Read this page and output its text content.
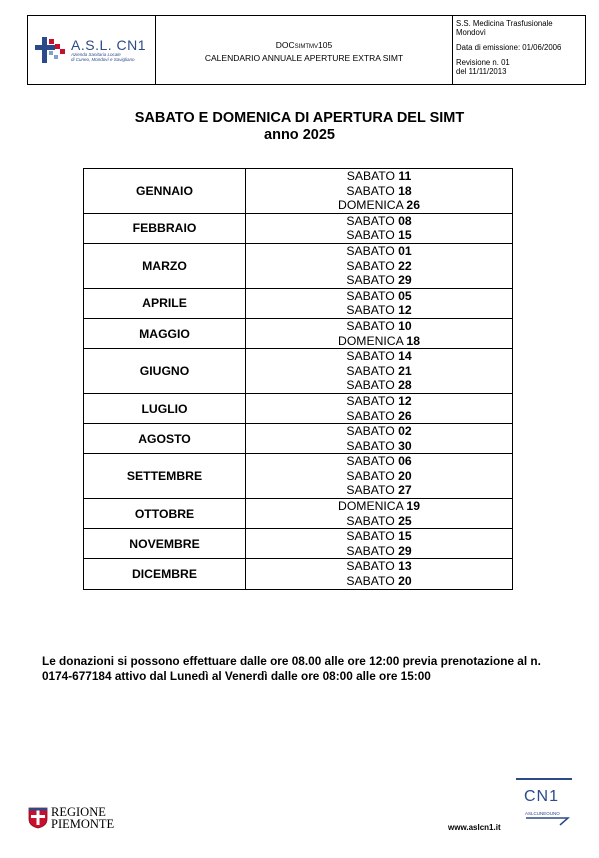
A.S.L. CN1
Azienda Sanitaria Locale
di Cuneo, Mondovì e Savigliano
DOCSIMTMV105
CALENDARIO ANNUALE APERTURE EXTRA SIMT
S.S. Medicina Trasfusionale
Mondovì
Data di emissione: 01/06/2006
Revisione n. 01
del 11/11/2013
SABATO E DOMENICA DI APERTURA DEL SIMT
anno 2025
GENNAIO	SABATO 11
SABATO 18
DOMENICA 26

FEBBRAIO	SABATO 08
SABATO 15

MARZO	SABATO 01
SABATO 22
SABATO 29

APRILE	SABATO 05
SABATO 12

MAGGIO	SABATO 10
DOMENICA 18

GIUGNO	SABATO 14
SABATO 21
SABATO 28

LUGLIO	SABATO 12
SABATO 26

AGOSTO	SABATO 02
SABATO 30

SETTEMBRE	SABATO 06
SABATO 20
SABATO 27

OTTOBRE	DOMENICA 19
SABATO 25

NOVEMBRE	SABATO 15
SABATO 29

DICEMBRE	SABATO 13
SABATO 20
Le donazioni si possono effettuare dalle ore 08.00 alle ore 12:00 previa prenotazione al n.
0174-677184 attivo dal Lunedì al Venerdì dalle ore 08:00 alle ore 15:00
REGIONE
PIEMONTE
CN1
ASLCUNEOUNO
www.aslcn1.it
